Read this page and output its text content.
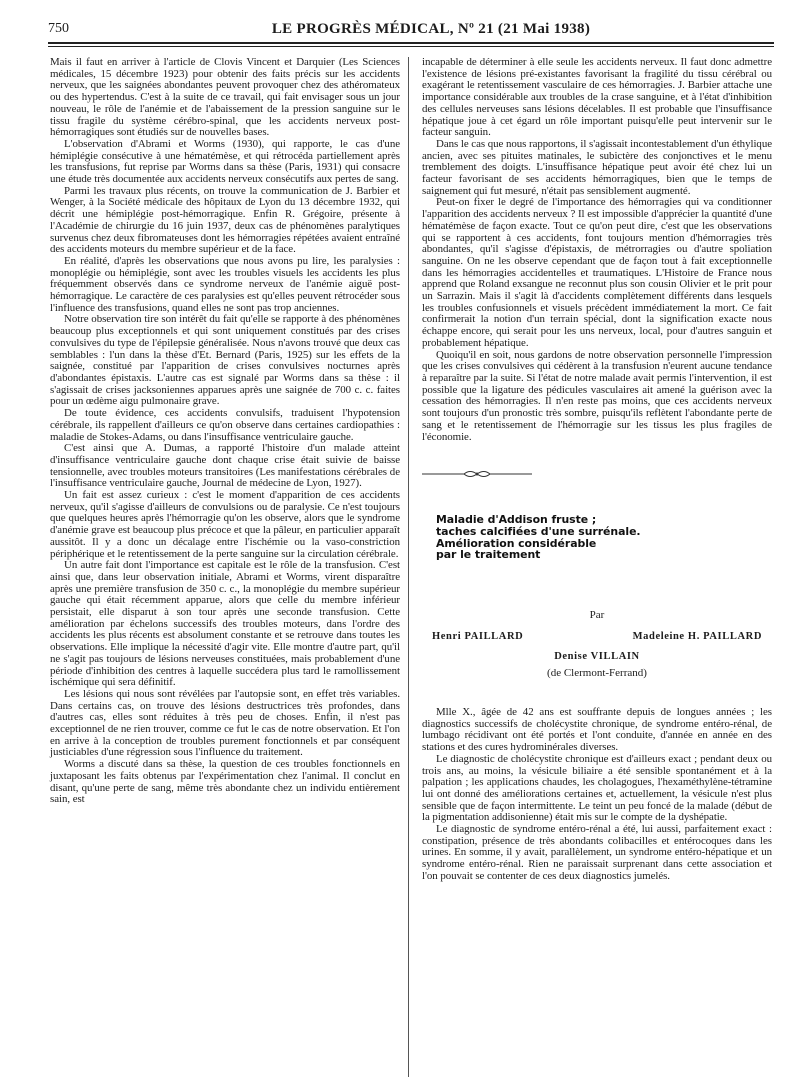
750	LE PROGRÈS MÉDICAL, Nº 21 (21 Mai 1938)

Mais il faut en arriver à l'article de Clovis Vincent et Darquier (Les Sciences médicales, 15 décembre 1923) pour obtenir des faits précis sur les accidents nerveux, que les saignées abondantes peuvent provoquer chez des athéromateux ou des hypertendus. C'est à la suite de ce travail, qui fait envisager sous un jour nouveau, le rôle de l'anémie et de l'abaissement de la pression sanguine sur le tissu fragile du système cérébro-spinal, que les accidents nerveux post-hémorragiques sont étudiés sur de nouvelles bases.

L'observation d'Abrami et Worms (1930), qui rapporte, le cas d'une hémiplégie consécutive à une hématémèse, et qui rétrocéda partiellement après les transfusions, fut reprise par Worms dans sa thèse (Paris, 1931) qui consacre une étude très documentée aux accidents nerveux consécutifs aux pertes de sang.

Parmi les travaux plus récents, on trouve la communication de J. Barbier et Wenger, à la Société médicale des hôpitaux de Lyon du 13 décembre 1932, qui décrit une hémiplégie post-hémorragique. Enfin R. Grégoire, présente à l'Académie de chirurgie du 16 juin 1937, deux cas de phénomènes paralytiques survenus chez deux fibromateuses dont les hémorragies répétées avaient entraîné des accidents moteurs du membre supérieur et de la face.

En réalité, d'après les observations que nous avons pu lire, les paralysies : monoplégie ou hémiplégie, sont avec les troubles visuels les accidents les plus fréquemment observés dans ce syndrome nerveux de l'anémie aiguë post-hémorragique. Le caractère de ces paralysies est qu'elles peuvent rétrocéder sous l'influence des transfusions, quand elles ne sont pas trop anciennes.

Notre observation tire son intérêt du fait qu'elle se rapporte à des phénomènes beaucoup plus exceptionnels et qui sont uniquement constitués par des crises convulsives du type de l'épilepsie généralisée. Nous n'avons trouvé que deux cas semblables : l'un dans la thèse d'Et. Bernard (Paris, 1925) sur les effets de la saignée, constitué par l'apparition de crises convulsives nocturnes après d'abondantes épistaxis. L'autre cas est signalé par Worms dans sa thèse : il s'agissait de crises jacksoniennes apparues après une saignée de 700 c. c. faites pour un œdème aigu pulmonaire grave.

De toute évidence, ces accidents convulsifs, traduisent l'hypotension cérébrale, ils rappellent d'ailleurs ce qu'on observe dans certaines cardiopathies : maladie de Stokes-Adams, ou dans l'insuffisance ventriculaire gauche.

C'est ainsi que A. Dumas, a rapporté l'histoire d'un malade atteint d'insuffisance ventriculaire gauche dont chaque crise était suivie de baisse tensionnelle, avec troubles moteurs transitoires (Les manifestations cérébrales de l'insuffisance ventriculaire gauche, Journal de médecine de Lyon, 1927).

Un fait est assez curieux : c'est le moment d'apparition de ces accidents nerveux, qu'il s'agisse d'ailleurs de convulsions ou de paralysie. Ce n'est toujours que quelques heures après l'hémorragie qu'on les observe, alors que le syndrome d'anémie grave est beaucoup plus précoce et que la pâleur, en particulier apparaît aussitôt. Il y a donc un décalage entre l'ischémie ou la vaso-constriction périphérique et le retentissement de la perte sanguine sur la circulation cérébrale.

Un autre fait dont l'importance est capitale est le rôle de la transfusion. C'est ainsi que, dans leur observation initiale, Abrami et Worms, virent disparaître après une première transfusion de 350 c. c., la monoplégie du membre supérieur gauche qui était récemment apparue, alors que celle du membre inférieur persistait, elle disparut à son tour après une seconde transfusion. Cette amélioration par échelons successifs des troubles moteurs, dans l'ordre des accidents les plus récents est absolument constante et se retrouve dans toutes les observations. Elle implique la nécessité d'agir vite. Elle montre d'autre part, qu'il ne s'agit pas toujours de lésions nerveuses constituées, mais probablement d'une période d'inhibition des centres à laquelle succédera plus tard le ramollissement ischémique qui sera définitif.

Les lésions qui nous sont révélées par l'autopsie sont, en effet très variables. Dans certains cas, on trouve des lésions destructrices très profondes, dans d'autres cas, elles sont réduites à très peu de choses. Enfin, il n'est pas exceptionnel de ne rien trouver, comme ce fut le cas de notre observation. Et l'on en arrive à la conception de troubles purement fonctionnels et par conséquent justiciables d'une régression sous l'influence du traitement.

Worms a discuté dans sa thèse, la question de ces troubles fonctionnels en juxtaposant les faits obtenus par l'expérimentation chez l'animal. Il conclut en disant, qu'une perte de sang, même très abondante chez un individu entièrement sain, est

incapable de déterminer à elle seule les accidents nerveux. Il faut donc admettre l'existence de lésions pré-existantes favorisant la fragilité du tissu cérébral ou exagérant le retentissement vasculaire de ces hémorragies. J. Barbier attache une importance considérable aux troubles de la crase sanguine, et à l'état d'inhibition des cellules nerveuses sans lésions décelables. Il est probable que l'insuffisance hépatique joue à cet égard un rôle important puisqu'elle peut intervenir sur le facteur sanguin.

Dans le cas que nous rapportons, il s'agissait incontestablement d'un éthylique ancien, avec ses pituites matinales, le subictère des conjonctives et le menu tremblement des doigts. L'insuffisance hépatique peut avoir été chez lui un facteur favorisant de ses accidents hémorragiques, bien que le temps de saignement qui fut mesuré, n'était pas sensiblement augmenté.

Peut-on fixer le degré de l'importance des hémorragies qui va conditionner l'apparition des accidents nerveux ? Il est impossible d'apprécier la quantité d'une hématémèse de façon exacte. Tout ce qu'on peut dire, c'est que les observations qui se rapportent à ces accidents, font toujours mention d'hémorragies très abondantes, qu'il s'agisse d'épistaxis, de métrorragies ou d'autre spoliation sanguine. On ne les observe cependant que de façon tout à fait exceptionnelle dans les hémorragies accidentelles et traumatiques. L'Histoire de France nous apprend que Roland exsangue ne reconnut plus son cousin Olivier et le prit pour un Sarrazin. Mais il s'agit là d'accidents complètement différents dans lesquels les troubles confusionnels et visuels précèdent immédiatement la mort. Ce fait confirmerait la notion d'un terrain spécial, dont la signification exacte nous échappe encore, qui serait pour les uns nerveux, local, pour d'autres sanguin et probablement hépatique.

Quoiqu'il en soit, nous gardons de notre observation personnelle l'impression que les crises convulsives qui cédèrent à la transfusion n'eurent aucune tendance à reparaître par la suite. Si l'état de notre malade avait permis l'intervention, il est possible que la ligature des pédicules vasculaires ait amené la guérison avec la cessation des hémorragies. Il n'en reste pas moins, que ces accidents nerveux sont toujours d'un pronostic très sombre, puisqu'ils reflètent l'abondante perte de sang et le retentissement de l'hémorragie sur les tissus les plus fragiles de l'économie.

Maladie d'Addison fruste ;

taches calcifiées d'une surrénale.

Amélioration considérable

par le traitement

Par
Henri PAILLARD	Madeleine H. PAILLARD
Denise VILLAIN
(de Clermont-Ferrand)

Mlle X., âgée de 42 ans est souffrante depuis de longues années ; les diagnostics successifs de cholécystite chronique, de syndrome entéro-rénal, de lumbago récidivant ont été portés et l'ont conduite, d'année en année en des stations et des cures hydrominérales diverses.

Le diagnostic de cholécystite chronique est d'ailleurs exact ; pendant deux ou trois ans, au moins, la vésicule biliaire a été sensible spontanément et à la palpation ; les applications chaudes, les cholagogues, l'hexaméthylène-tétramine lui ont donné des améliorations certaines et, actuellement, la vésicule n'est plus sensible que de façon intermittente. Le teint un peu foncé de la malade (début de la pigmentation addisonienne) était mis sur le compte de la dyshépatie.

Le diagnostic de syndrome entéro-rénal a été, lui aussi, parfaitement exact : constipation, présence de très abondants colibacilles et entérocoques dans les urines. En somme, il y avait, parallèlement, un syndrome entéro-hépatique et un syndrome entéro-rénal. Rien ne paraissait surprenant dans cette association et l'on pouvait se contenter de ces deux diagnostics jumelés.
